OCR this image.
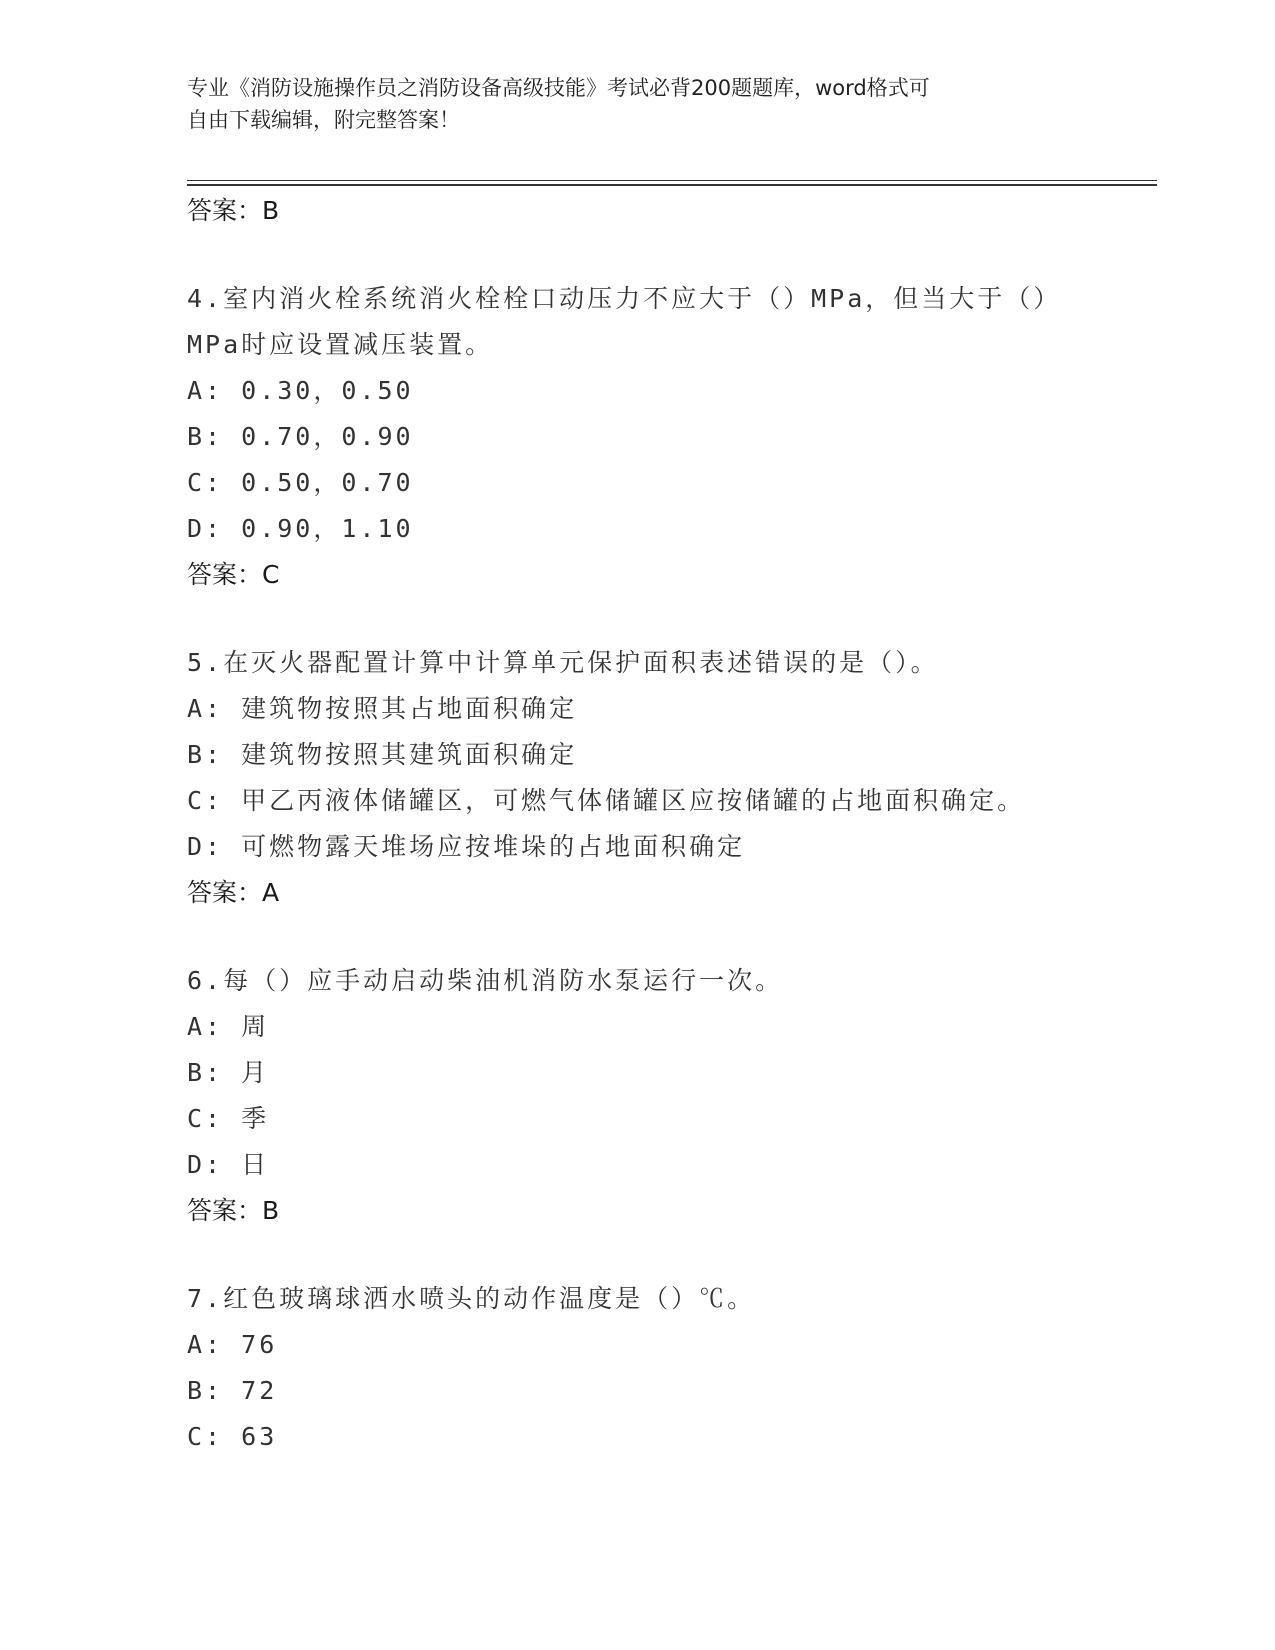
专业《消防设施操作员之消防设备高级技能》考试必背200题题库，word格式可
自由下载编辑，附完整答案！
答案：B
4.室内消火栓系统消火栓栓口动压力不应大于（）MPa，但当大于（）
MPa时应设置减压装置。
A: 0.30，0.50
B: 0.70，0.90
C: 0.50，0.70
D: 0.90，1.10
答案：C
5.在灭火器配置计算中计算单元保护面积表述错误的是（）。
A: 建筑物按照其占地面积确定
B: 建筑物按照其建筑面积确定
C: 甲乙丙液体储罐区，可燃气体储罐区应按储罐的占地面积确定。
D: 可燃物露天堆场应按堆垛的占地面积确定
答案：A
6.每（）应手动启动柴油机消防水泵运行一次。
A: 周
B: 月
C: 季
D: 日
答案：B
7.红色玻璃球洒水喷头的动作温度是（）℃。
A: 76
B: 72
C: 63
